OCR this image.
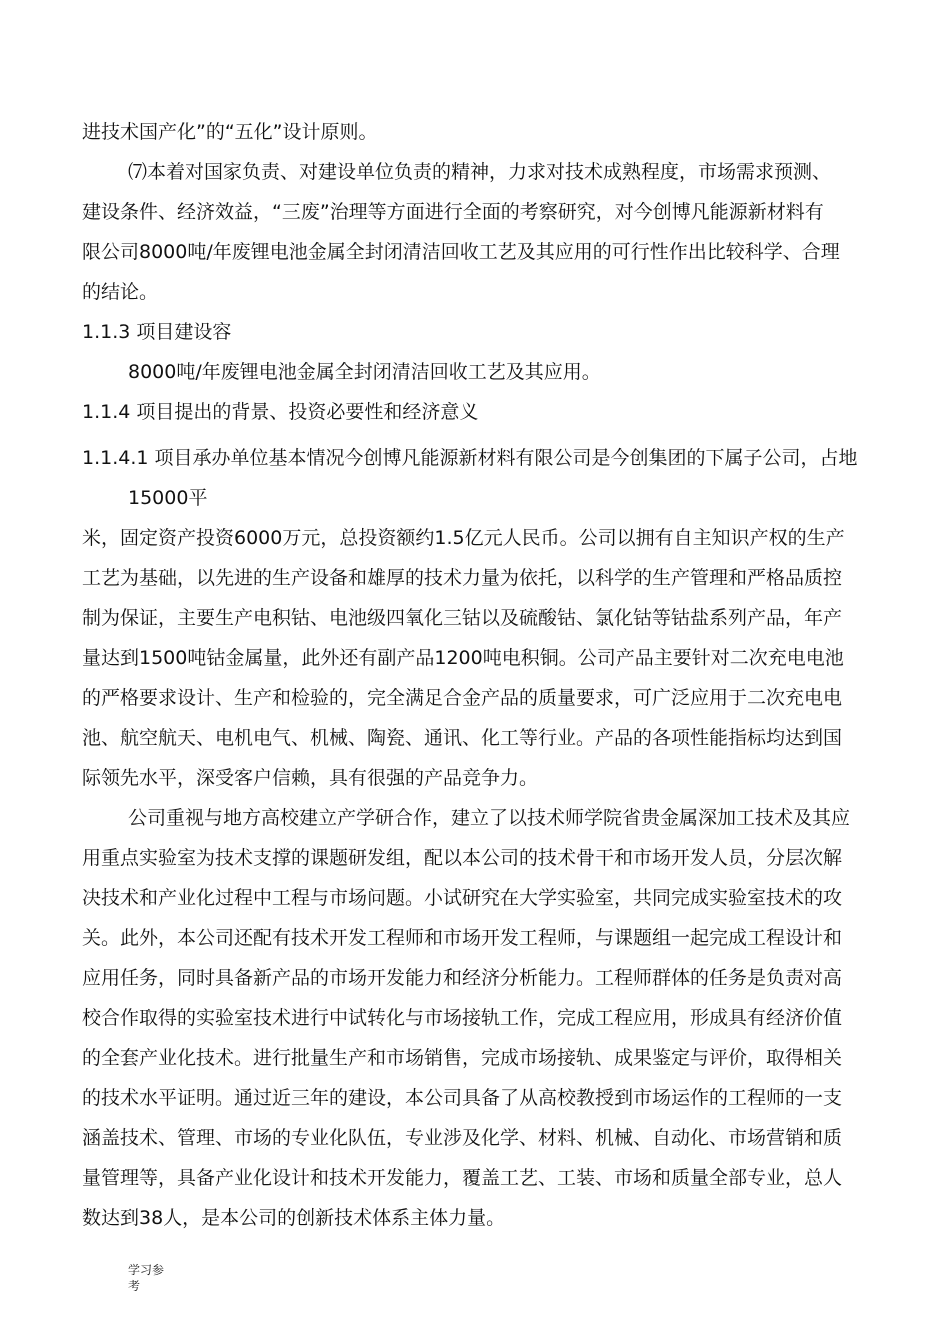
进技术国产化”的“五化”设计原则。
⑺本着对国家负责、对建设单位负责的精神，力求对技术成熟程度，市场需求预测、
建设条件、经济效益，“三废”治理等方面进行全面的考察研究，对今创博凡能源新材料有
限公司8000吨/年废锂电池金属全封闭清洁回收工艺及其应用的可行性作出比较科学、合理
的结论。
1.1.3 项目建设容
8000吨/年废锂电池金属全封闭清洁回收工艺及其应用。
1.1.4 项目提出的背景、投资必要性和经济意义
1.1.4.1 项目承办单位基本情况今创博凡能源新材料有限公司是今创集团的下属子公司，占地
15000平
米，固定资产投资6000万元，总投资额约1.5亿元人民币。公司以拥有自主知识产权的生产
工艺为基础，以先进的生产设备和雄厚的技术力量为依托，以科学的生产管理和严格品质控
制为保证，主要生产电积钴、电池级四氧化三钴以及硫酸钴、氯化钴等钴盐系列产品，年产
量达到1500吨钴金属量，此外还有副产品1200吨电积铜。公司产品主要针对二次充电电池
的严格要求设计、生产和检验的，完全满足合金产品的质量要求，可广泛应用于二次充电电
池、航空航天、电机电气、机械、陶瓷、通讯、化工等行业。产品的各项性能指标均达到国
际领先水平，深受客户信赖，具有很强的产品竞争力。
公司重视与地方高校建立产学研合作，建立了以技术师学院省贵金属深加工技术及其应
用重点实验室为技术支撑的课题研发组，配以本公司的技术骨干和市场开发人员，分层次解
决技术和产业化过程中工程与市场问题。小试研究在大学实验室，共同完成实验室技术的攻
关。此外，本公司还配有技术开发工程师和市场开发工程师，与课题组一起完成工程设计和
应用任务，同时具备新产品的市场开发能力和经济分析能力。工程师群体的任务是负责对高
校合作取得的实验室技术进行中试转化与市场接轨工作，完成工程应用，形成具有经济价值
的全套产业化技术。进行批量生产和市场销售，完成市场接轨、成果鉴定与评价，取得相关
的技术水平证明。通过近三年的建设，本公司具备了从高校教授到市场运作的工程师的一支
涵盖技术、管理、市场的专业化队伍，专业涉及化学、材料、机械、自动化、市场营销和质
量管理等，具备产业化设计和技术开发能力，覆盖工艺、工装、市场和质量全部专业，总人
数达到38人，是本公司的创新技术体系主体力量。
学习参
考
